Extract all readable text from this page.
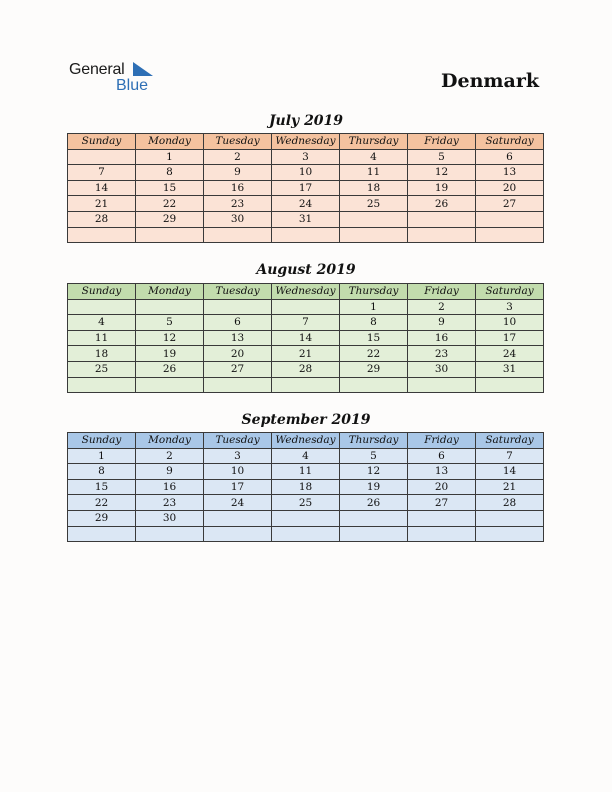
General
Blue	Denmark
July 2019
Sunday	Monday	Tuesday	Wednesday	Thursday	Friday	Saturday
	1	2	3	4	5	6
7	8	9	10	11	12	13
14	15	16	17	18	19	20
21	22	23	24	25	26	27
28	29	30	31			

August 2019
Sunday	Monday	Tuesday	Wednesday	Thursday	Friday	Saturday
				1	2	3
4	5	6	7	8	9	10
11	12	13	14	15	16	17
18	19	20	21	22	23	24
25	26	27	28	29	30	31

September 2019
Sunday	Monday	Tuesday	Wednesday	Thursday	Friday	Saturday
1	2	3	4	5	6	7
8	9	10	11	12	13	14
15	16	17	18	19	20	21
22	23	24	25	26	27	28
29	30					
